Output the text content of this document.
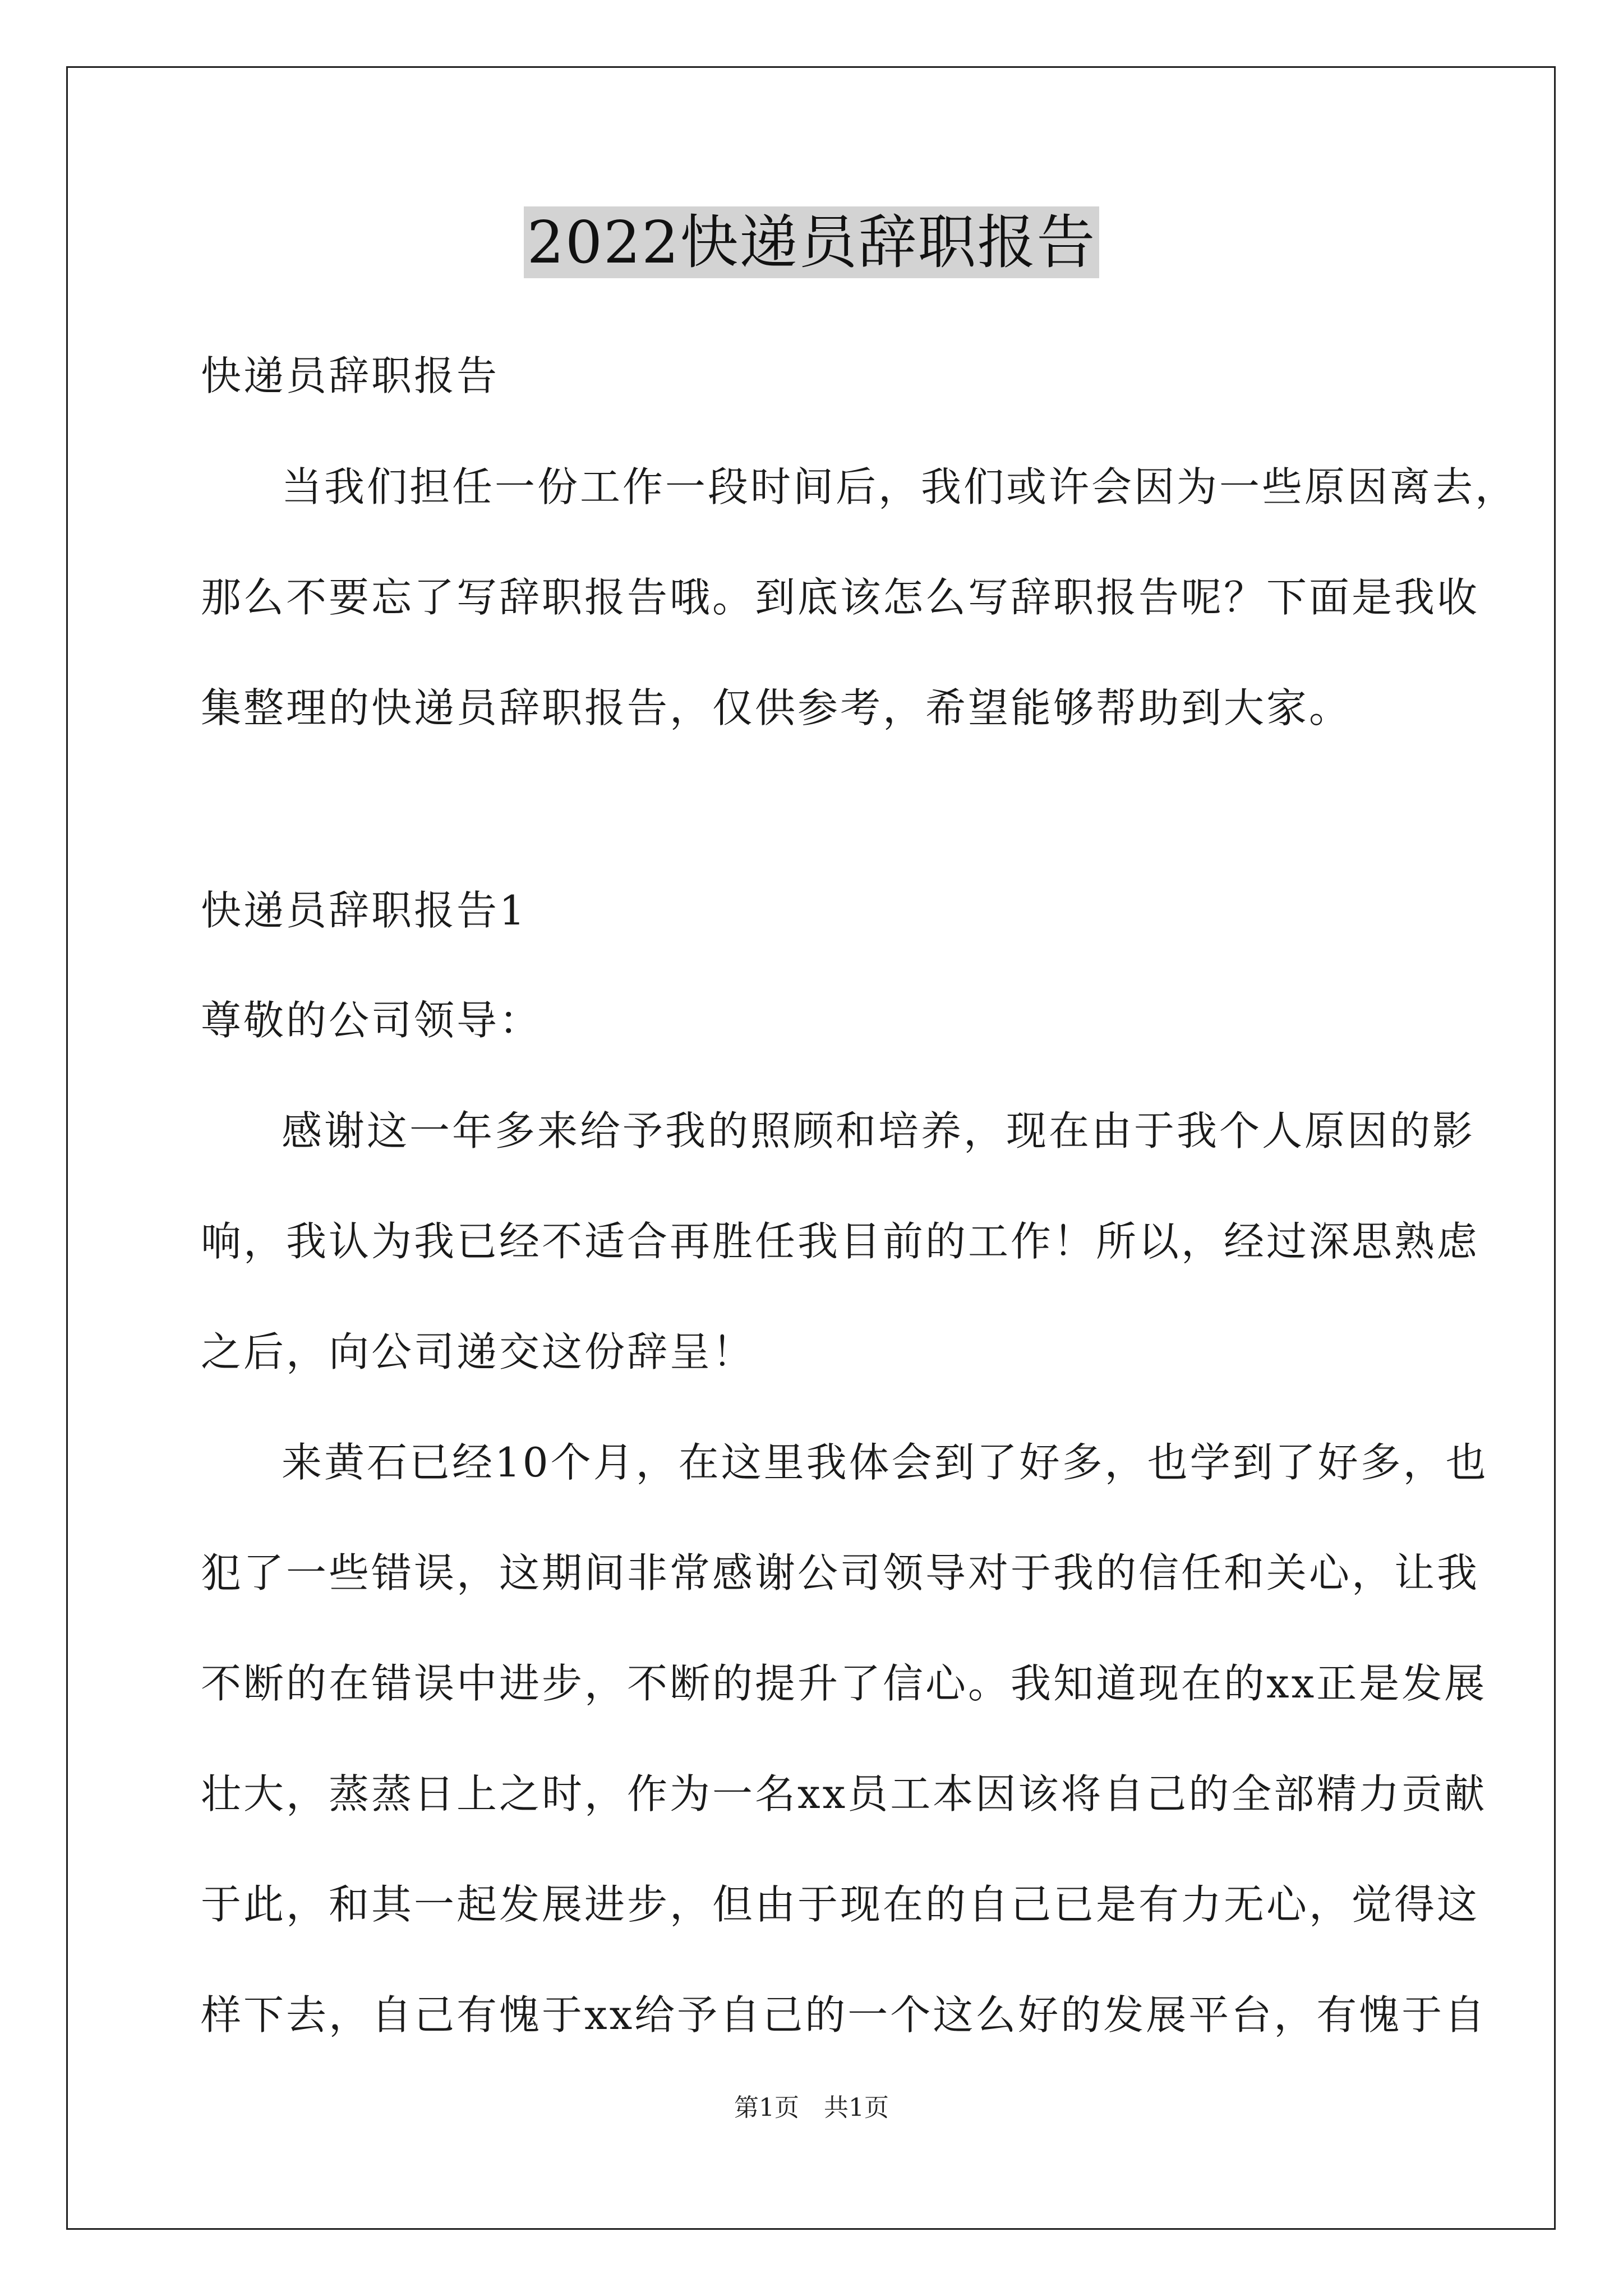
2022快递员辞职报告
快递员辞职报告
当我们担任一份工作一段时间后，我们或许会因为一些原因离去，
那么不要忘了写辞职报告哦。到底该怎么写辞职报告呢？下面是我收
集整理的快递员辞职报告，仅供参考，希望能够帮助到大家。
快递员辞职报告1
尊敬的公司领导：
感谢这一年多来给予我的照顾和培养，现在由于我个人原因的影
响，我认为我已经不适合再胜任我目前的工作！所以，经过深思熟虑
之后，向公司递交这份辞呈！
来黄石已经10个月，在这里我体会到了好多，也学到了好多，也
犯了一些错误，这期间非常感谢公司领导对于我的信任和关心，让我
不断的在错误中进步，不断的提升了信心。我知道现在的xx正是发展
壮大，蒸蒸日上之时，作为一名xx员工本因该将自己的全部精力贡献
于此，和其一起发展进步，但由于现在的自己已是有力无心，觉得这
样下去，自己有愧于xx给予自己的一个这么好的发展平台，有愧于自
第1页　共1页
